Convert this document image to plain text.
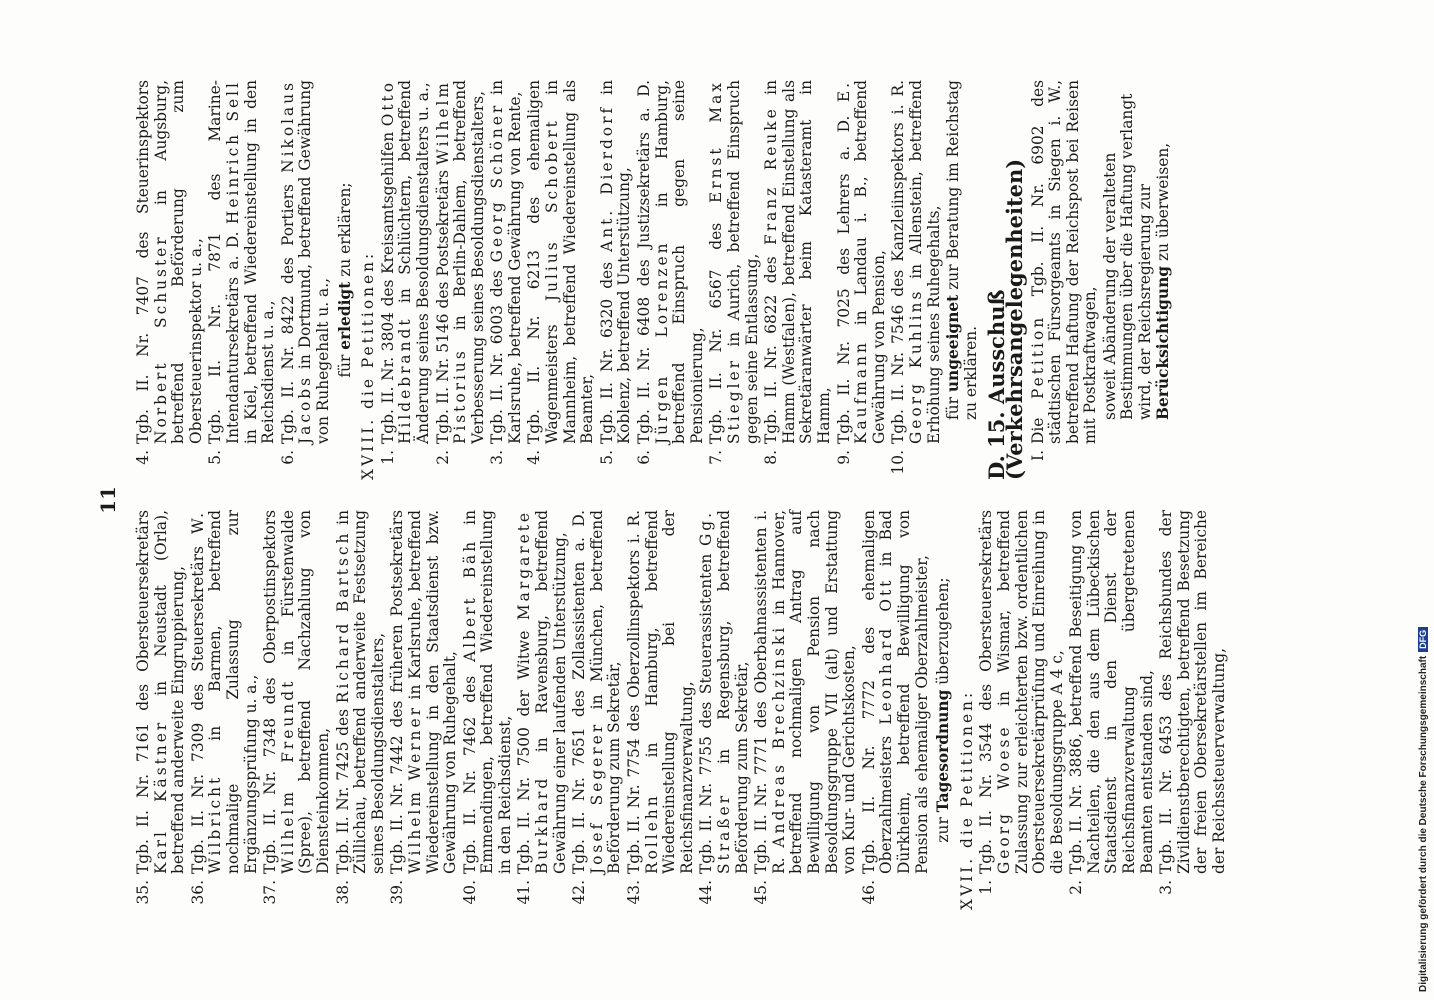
11
35.
Tgb. II. Nr. 7161 des Obersteuersekretärs Karl Kästner in Neustadt (Orla), betreffend anderweite Eingruppierung,
36.
Tgb. II. Nr. 7309 des Steuersekretärs W. Wilbricht in Barmen, betreffend nochmalige Zulassung zur Ergänzungsprüfung u. a.,
37.
Tgb. II. Nr. 7348 des Oberpostinspektors Wilhelm Freundt in Fürstenwalde (Spree), betreffend Nachzahlung von Diensteinkommen,
38.
Tgb. II. Nr. 7425 des Richard Bartsch in Züllichau, betreffend anderweite Festsetzung seines Besoldungsdienstalters,
39.
Tgb. II. Nr. 7442 des früheren Postsekretärs Wilhelm Werner in Karlsruhe, betreffend Wiedereinstellung in den Staatsdienst bzw. Gewährung von Ruhegehalt,
40.
Tgb. II. Nr. 7462 des Albert Bäh in Emmendingen, betreffend Wiedereinstellung in den Reichsdienst,
41.
Tgb. II. Nr. 7500 der Witwe Margarete Burkhard in Ravensburg, betreffend Gewährung einer laufenden Unterstützung,
42.
Tgb. II. Nr. 7651 des Zollassistenten a. D. Josef Segerer in München, betreffend Beförderung zum Sekretär,
43.
Tgb. II. Nr. 7754 des Oberzollinspektors i. R. Rollehn in Hamburg, betreffend Wiedereinstellung bei der Reichsfinanzverwaltung,
44.
Tgb. II. Nr. 7755 des Steuerassistenten Gg. Straßer in Regensburg, betreffend Beförderung zum Sekretär,
45.
Tgb. II. Nr. 7771 des Oberbahnassistenten i. R. Andreas Brechzinski in Hannover, betreffend nochmaligen Antrag auf Bewilligung von Pension nach Besoldungsgruppe VII (alt) und Erstattung von Kur- und Gerichtskosten,
46.
Tgb. II. Nr. 7772 des ehemaligen Oberzahlmeisters Leonhard Ott in Bad Dürkheim, betreffend Bewilligung von Pension als ehemaliger Oberzahlmeister, zur Tagesordnung überzugehen;
XVII. die Petitionen: 1.
Tgb. II. Nr. 3544 des Obersteuersekretärs Georg Woese in Wismar, betreffend Zulassung zur erleichterten bzw. ordentlichen Obersteuersekretärprüfung und Einreihung in die Besoldungsgruppe A 4 c,
2.
Tgb. II. Nr. 3886, betreffend Beseitigung von Nachteilen, die den aus dem Lübeckischen Staatsdienst in den Dienst der Reichsfinanzverwaltung übergetretenen Beamten entstanden sind,
3.
Tgb. II. Nr. 6453 des Reichsbundes der Zivildienstberechtigten, betreffend Besetzung der freien Obersekretärstellen im Bereiche der Reichssteuerverwaltung,
4.
Tgb. II. Nr. 7407 des Steuerinspektors Norbert Schuster in Augsburg, betreffend Beförderung zum Obersteuerinspektor u. a.,
5.
Tgb. II. Nr. 7871 des Marine-Intendantursekretärs a. D. Heinrich Sell in Kiel, betreffend Wiedereinstellung in den Reichsdienst u. a.,
6.
Tgb. II. Nr. 8422 des Portiers Nikolaus Jacobs in Dortmund, betreffend Gewährung von Ruhegehalt u. a., für erledigt zu erklären;
XVIII. die Petitionen: 1.
Tgb. II. Nr. 3804 des Kreisamtsgehilfen Otto Hildebrandt in Schlüchtern, betreffend Änderung seines Besoldungsdienstalters u. a.,
2.
Tgb. II. Nr. 5146 des Postsekretärs Wilhelm Pistorius in Berlin-Dahlem, betreffend Verbesserung seines Besoldungsdienstalters,
3.
Tgb. II. Nr. 6003 des Georg Schöner in Karlsruhe, betreffend Gewährung von Rente,
4.
Tgb. II. Nr. 6213 des ehemaligen Wagenmeisters Julius Schobert in Mannheim, betreffend Wiedereinstellung als Beamter,
5.
Tgb. II. Nr. 6320 des Ant. Dierdorf in Koblenz, betreffend Unterstützung,
6.
Tgb. II. Nr. 6408 des Justizsekretärs a. D. Jürgen Lorenzen in Hamburg, betreffend Einspruch gegen seine Pensionierung,
7.
Tgb. II. Nr. 6567 des Ernst Max Stiegler in Aurich, betreffend Einspruch gegen seine Entlassung,
8.
Tgb. II. Nr. 6822 des Franz Reuke in Hamm (Westfalen), betreffend Einstellung als Sekretäranwärter beim Katasteramt in Hamm,
9.
Tgb. II. Nr. 7025 des Lehrers a. D. E. Kaufmann in Landau i. B., betreffend Gewährung von Pension,
10.
Tgb. II. Nr. 7546 des Kanzleiinspektors i. R. Georg Kuhlins in Allenstein, betreffend Erhöhung seines Ruhegehalts, für ungeeignet zur Beratung im Reichstag zu erklären. D. 15. Ausschuß (Verkehrsangelegenheiten) I.
Die Petition Tgb. II. Nr. 6902 des städtischen Fürsorgeamts in Siegen i. W., betreffend Haftung der Reichspost bei Reisen mit Postkraftwagen, soweit Abänderung der veralteten Bestimmungen über die Haftung verlangt wird, der Reichsregierung zur Berücksichtigung zu überweisen,
Digitalisierung gefördert durch die Deutsche ForschungsgemeinschaftDFG
